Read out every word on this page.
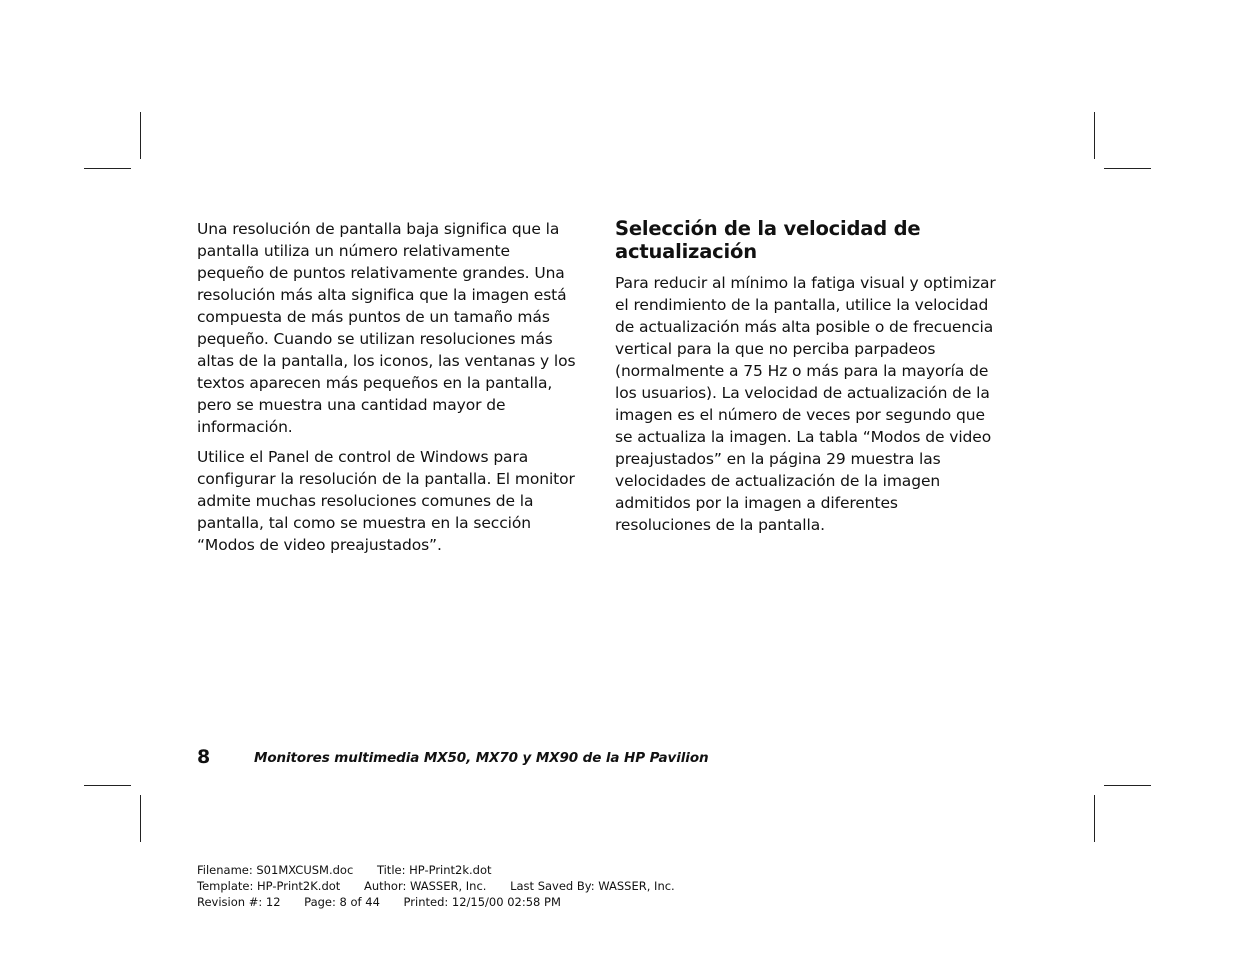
Una resolución de pantalla baja significa que la pantalla utiliza un número relativamente pequeño de puntos relativamente grandes. Una resolución más alta significa que la imagen está compuesta de más puntos de un tamaño más pequeño. Cuando se utilizan resoluciones más altas de la pantalla, los iconos, las ventanas y los textos aparecen más pequeños en la pantalla, pero se muestra una cantidad mayor de información.

Utilice el Panel de control de Windows para configurar la resolución de la pantalla. El monitor admite muchas resoluciones comunes de la pantalla, tal como se muestra en la sección “Modos de video preajustados”.

Selección de la velocidad de actualización

Para reducir al mínimo la fatiga visual y optimizar el rendimiento de la pantalla, utilice la velocidad de actualización más alta posible o de frecuencia vertical para la que no perciba parpadeos (normalmente a 75 Hz o más para la mayoría de los usuarios). La velocidad de actualización de la imagen es el número de veces por segundo que se actualiza la imagen. La tabla “Modos de video preajustados” en la página 29 muestra las velocidades de actualización de la imagen admitidos por la imagen a diferentes resoluciones de la pantalla.

8	Monitores multimedia MX50, MX70 y MX90 de la HP Pavilion
Filename: S01MXCUSM.doc Title: HP-Print2k.dot
Template: HP-Print2K.dot Author: WASSER, Inc. Last Saved By: WASSER, Inc.
Revision #: 12 Page: 8 of 44 Printed: 12/15/00 02:58 PM
